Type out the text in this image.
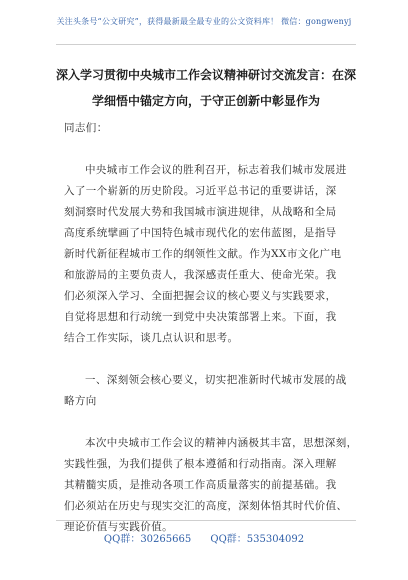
关注头条号“公文研究”，获得最新最全最专业的公文资料库！ 微信：gongwenyj
深入学习贯彻中央城市工作会议精神研讨交流发言：在深
学细悟中锚定方向，于守正创新中彰显作为
同志们：
中央城市工作会议的胜利召开，标志着我们城市发展进
入了一个崭新的历史阶段。习近平总书记的重要讲话，深
刻洞察时代发展大势和我国城市演进规律，从战略和全局
高度系统擘画了中国特色城市现代化的宏伟蓝图，是指导
新时代新征程城市工作的纲领性文献。作为XX市文化广电
和旅游局的主要负责人，我深感责任重大、使命光荣。我
们必须深入学习、全面把握会议的核心要义与实践要求，
自觉将思想和行动统一到党中央决策部署上来。下面，我
结合工作实际，谈几点认识和思考。
一、深刻领会核心要义，切实把准新时代城市发展的战
略方向
本次中央城市工作会议的精神内涵极其丰富，思想深刻，
实践性强，为我们提供了根本遵循和行动指南。深入理解
其精髓实质，是推动各项工作高质量落实的前提基础。我
们必须站在历史与现实交汇的高度，深刻体悟其时代价值、
理论价值与实践价值。
QQ群：30265665 QQ群：535304092
